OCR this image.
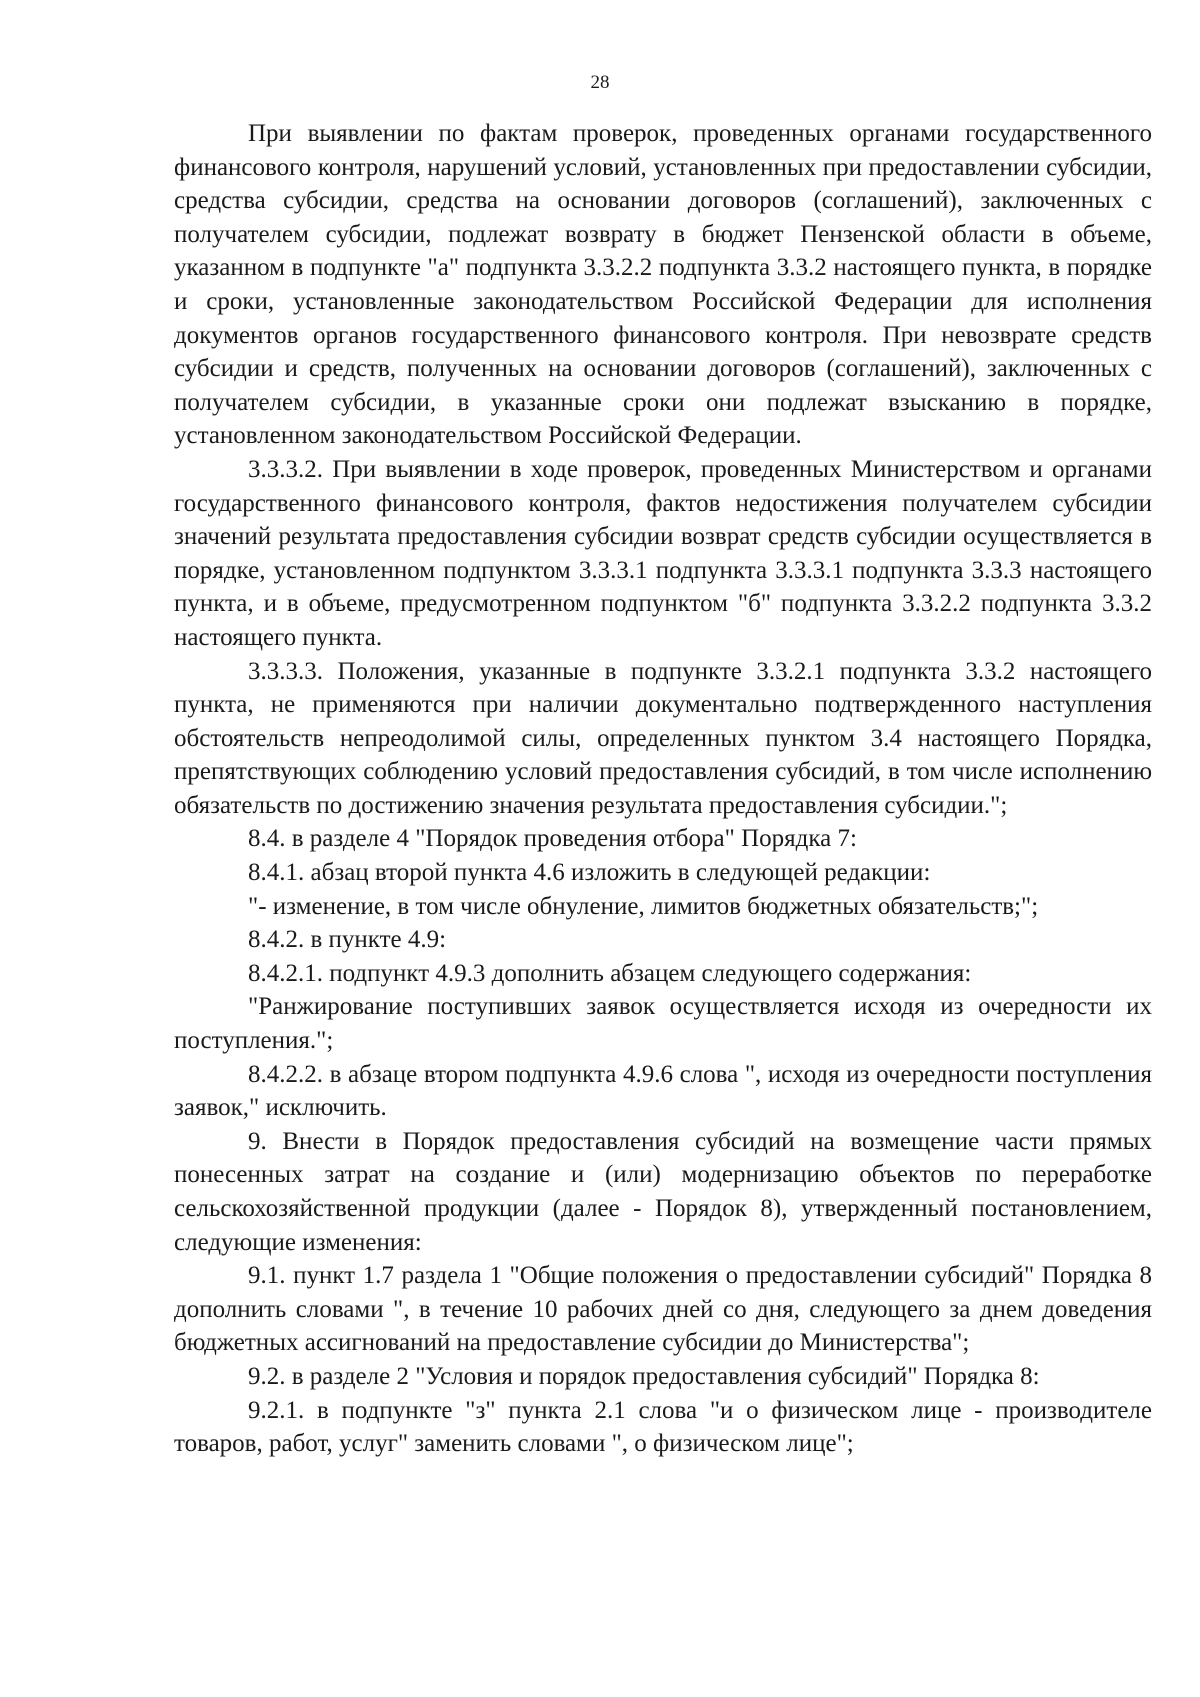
28

При выявлении по фактам проверок, проведенных органами государственного финансового контроля, нарушений условий, установленных при предоставлении субсидии, средства субсидии, средства на основании договоров (соглашений), заключенных с получателем субсидии, подлежат возврату в бюджет Пензенской области в объеме, указанном в подпункте "а" подпункта 3.3.2.2 подпункта 3.3.2 настоящего пункта, в порядке и сроки, установленные законодательством Российской Федерации для исполнения документов органов государственного финансового контроля. При невозврате средств субсидии и средств, полученных на основании договоров (соглашений), заключенных с получателем субсидии, в указанные сроки они подлежат взысканию в порядке, установленном законодательством Российской Федерации.

3.3.3.2. При выявлении в ходе проверок, проведенных Министерством и органами государственного финансового контроля, фактов недостижения получателем субсидии значений результата предоставления субсидии возврат средств субсидии осуществляется в порядке, установленном подпунктом 3.3.3.1 подпункта 3.3.3.1 подпункта 3.3.3 настоящего пункта, и в объеме, предусмотренном подпунктом "б" подпункта 3.3.2.2 подпункта 3.3.2 настоящего пункта.

3.3.3.3. Положения, указанные в подпункте 3.3.2.1 подпункта 3.3.2 настоящего пункта, не применяются при наличии документально подтвержденного наступления обстоятельств непреодолимой силы, определенных пунктом 3.4 настоящего Порядка, препятствующих соблюдению условий предоставления субсидий, в том числе исполнению обязательств по достижению значения результата предоставления субсидии.";

8.4. в разделе 4 "Порядок проведения отбора" Порядка 7:

8.4.1. абзац второй пункта 4.6 изложить в следующей редакции:

"- изменение, в том числе обнуление, лимитов бюджетных обязательств;";

8.4.2. в пункте 4.9:

8.4.2.1. подпункт 4.9.3 дополнить абзацем следующего содержания:

"Ранжирование поступивших заявок осуществляется исходя из очередности их поступления.";

8.4.2.2. в абзаце втором подпункта 4.9.6 слова ", исходя из очередности поступления заявок," исключить.

9. Внести в Порядок предоставления субсидий на возмещение части прямых понесенных затрат на создание и (или) модернизацию объектов по переработке сельскохозяйственной продукции (далее - Порядок 8), утвержденный постановлением, следующие изменения:

9.1. пункт 1.7 раздела 1 "Общие положения о предоставлении субсидий" Порядка 8 дополнить словами ", в течение 10 рабочих дней со дня, следующего за днем доведения бюджетных ассигнований на предоставление субсидии до Министерства";

9.2. в разделе 2 "Условия и порядок предоставления субсидий" Порядка 8:

9.2.1. в подпункте "з" пункта 2.1 слова "и о физическом лице - производителе товаров, работ, услуг" заменить словами ", о физическом лице";
